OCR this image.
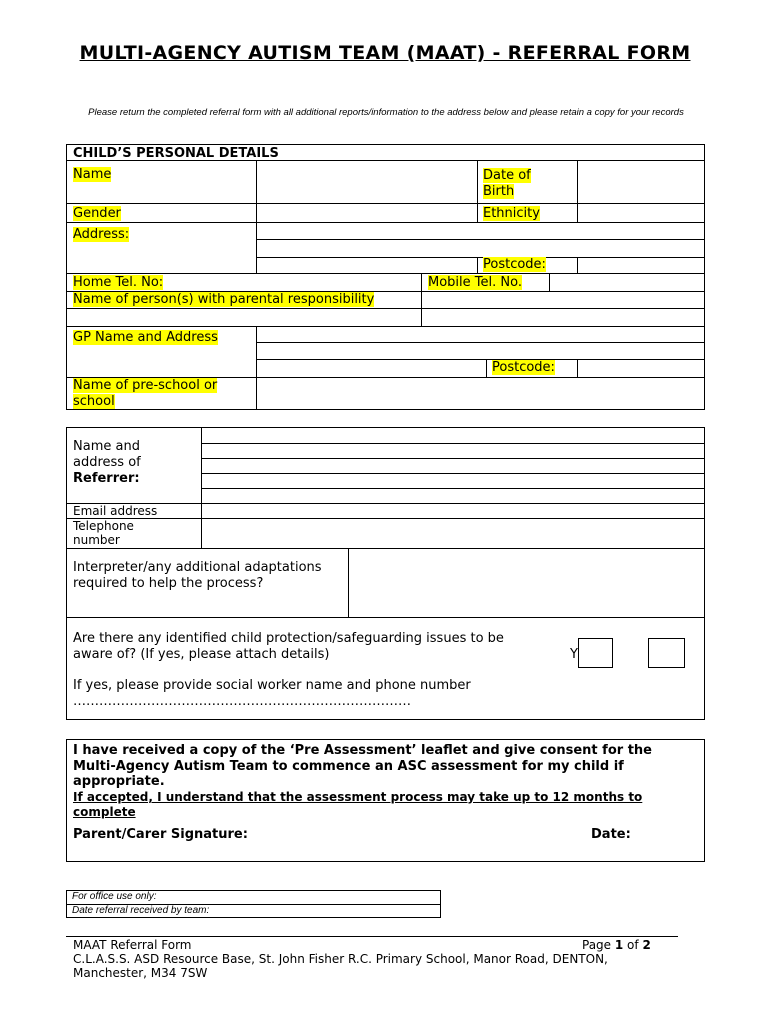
MULTI-AGENCY AUTISM TEAM (MAAT) - REFERRAL FORM
Please return the completed referral form with all additional reports/information to the address below and please retain a copy for your records
CHILD’S PERSONAL DETAILS
Name	Date of Birth
Gender	Ethnicity
Address:
Postcode:
Home Tel. No:	Mobile Tel. No.
Name of person(s) with parental responsibility
GP Name and Address
Postcode:
Name of pre-school or school
Name and
address of
Referrer:
Email address
Telephone number
Interpreter/any additional adaptations required to help the process?
Are there any identified child protection/safeguarding issues to be aware of? (If yes, please attach details)	Y
If yes, please provide social worker name and phone number
……………………………………………………………………
I have received a copy of the ‘Pre Assessment’ leaflet and give consent for the Multi-Agency Autism Team to commence an ASC assessment for my child if appropriate.
If accepted, I understand that the assessment process may take up to 12 months to complete
Parent/Carer Signature:	Date:
For office use only:
Date referral received by team:
MAAT Referral Form	Page 1 of 2
C.L.A.S.S. ASD Resource Base, St. John Fisher R.C. Primary School, Manor Road, DENTON,
Manchester, M34 7SW
